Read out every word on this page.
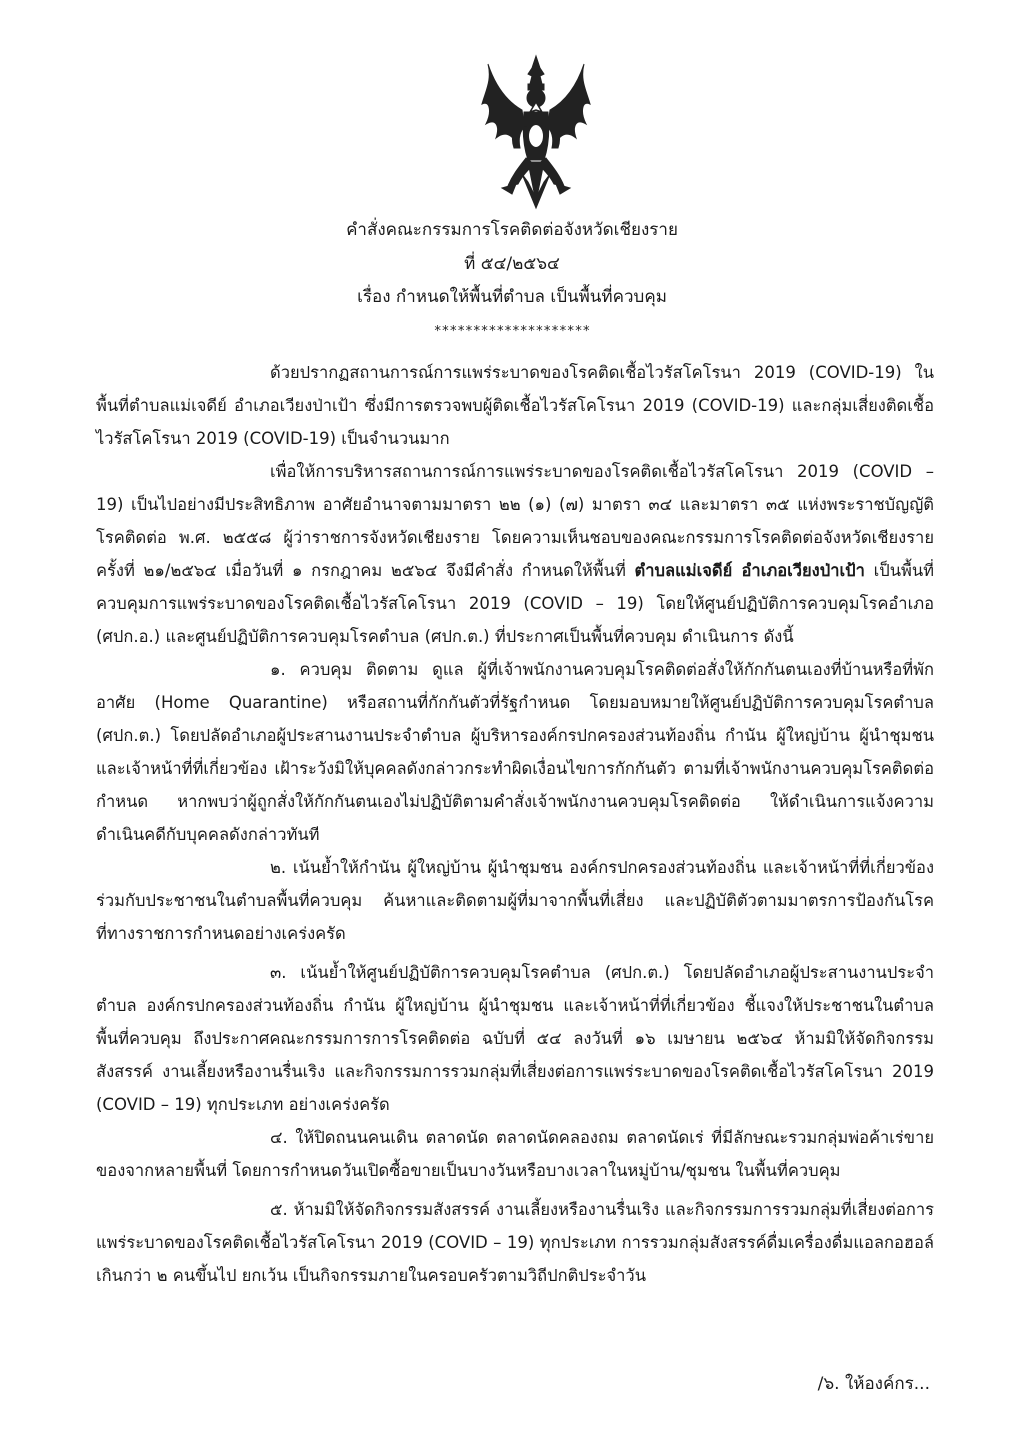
คำสั่งคณะกรรมการโรคติดต่อจังหวัดเชียงราย
ที่ ๕๔/๒๕๖๔
เรื่อง กำหนดให้พื้นที่ตำบล เป็นพื้นที่ควบคุม
********************

ด้วยปรากฏสถานการณ์การแพร่ระบาดของโรคติดเชื้อไวรัสโคโรนา 2019 (COVID-19) ในพื้นที่ตำบลแม่เจดีย์ อำเภอเวียงป่าเป้า ซึ่งมีการตรวจพบผู้ติดเชื้อไวรัสโคโรนา 2019 (COVID-19) และกลุ่มเสี่ยงติดเชื้อไวรัสโคโรนา 2019 (COVID-19) เป็นจำนวนมาก

เพื่อให้การบริหารสถานการณ์การแพร่ระบาดของโรคติดเชื้อไวรัสโคโรนา 2019 (COVID – 19) เป็นไปอย่างมีประสิทธิภาพ อาศัยอำนาจตามมาตรา ๒๒ (๑) (๗) มาตรา ๓๔ และมาตรา ๓๕ แห่งพระราชบัญญัติโรคติดต่อ พ.ศ. ๒๕๕๘ ผู้ว่าราชการจังหวัดเชียงราย โดยความเห็นชอบของคณะกรรมการโรคติดต่อจังหวัดเชียงราย ครั้งที่ ๒๑/๒๕๖๔ เมื่อวันที่ ๑ กรกฎาคม ๒๕๖๔ จึงมีคำสั่ง กำหนดให้พื้นที่ ตำบลแม่เจดีย์ อำเภอเวียงป่าเป้า เป็นพื้นที่ควบคุมการแพร่ระบาดของโรคติดเชื้อไวรัสโคโรนา 2019 (COVID – 19) โดยให้ศูนย์ปฏิบัติการควบคุมโรคอำเภอ (ศปก.อ.) และศูนย์ปฏิบัติการควบคุมโรคตำบล (ศปก.ต.) ที่ประกาศเป็นพื้นที่ควบคุม ดำเนินการ ดังนี้

๑. ควบคุม ติดตาม ดูแล ผู้ที่เจ้าพนักงานควบคุมโรคติดต่อสั่งให้กักกันตนเองที่บ้านหรือที่พักอาศัย (Home Quarantine) หรือสถานที่กักกันตัวที่รัฐกำหนด โดยมอบหมายให้ศูนย์ปฏิบัติการควบคุมโรคตำบล (ศปก.ต.) โดยปลัดอำเภอผู้ประสานงานประจำตำบล ผู้บริหารองค์กรปกครองส่วนท้องถิ่น กำนัน ผู้ใหญ่บ้าน ผู้นำชุมชน และเจ้าหน้าที่ที่เกี่ยวข้อง เฝ้าระวังมิให้บุคคลดังกล่าวกระทำผิดเงื่อนไขการกักกันตัว ตามที่เจ้าพนักงานควบคุมโรคติดต่อกำหนด หากพบว่าผู้ถูกสั่งให้กักกันตนเองไม่ปฏิบัติตามคำสั่งเจ้าพนักงานควบคุมโรคติดต่อ ให้ดำเนินการแจ้งความดำเนินคดีกับบุคคลดังกล่าวทันที

๒. เน้นย้ำให้กำนัน ผู้ใหญ่บ้าน ผู้นำชุมชน องค์กรปกครองส่วนท้องถิ่น และเจ้าหน้าที่ที่เกี่ยวข้อง ร่วมกับประชาชนในตำบลพื้นที่ควบคุม ค้นหาและติดตามผู้ที่มาจากพื้นที่เสี่ยง และปฏิบัติตัวตามมาตรการป้องกันโรคที่ทางราชการกำหนดอย่างเคร่งครัด

๓. เน้นย้ำให้ศูนย์ปฏิบัติการควบคุมโรคตำบล (ศปก.ต.) โดยปลัดอำเภอผู้ประสานงานประจำตำบล องค์กรปกครองส่วนท้องถิ่น กำนัน ผู้ใหญ่บ้าน ผู้นำชุมชน และเจ้าหน้าที่ที่เกี่ยวข้อง ชี้แจงให้ประชาชนในตำบลพื้นที่ควบคุม ถึงประกาศคณะกรรมการการโรคติดต่อ ฉบับที่ ๕๔ ลงวันที่ ๑๖ เมษายน ๒๕๖๔ ห้ามมิให้จัดกิจกรรมสังสรรค์ งานเลี้ยงหรืองานรื่นเริง และกิจกรรมการรวมกลุ่มที่เสี่ยงต่อการแพร่ระบาดของโรคติดเชื้อไวรัสโคโรนา 2019 (COVID – 19) ทุกประเภท อย่างเคร่งครัด

๔. ให้ปิดถนนคนเดิน ตลาดนัด ตลาดนัดคลองถม ตลาดนัดเร่ ที่มีลักษณะรวมกลุ่มพ่อค้าเร่ขายของจากหลายพื้นที่ โดยการกำหนดวันเปิดซื้อขายเป็นบางวันหรือบางเวลาในหมู่บ้าน/ชุมชน ในพื้นที่ควบคุม

๕. ห้ามมิให้จัดกิจกรรมสังสรรค์ งานเลี้ยงหรืองานรื่นเริง และกิจกรรมการรวมกลุ่มที่เสี่ยงต่อการแพร่ระบาดของโรคติดเชื้อไวรัสโคโรนา 2019 (COVID – 19) ทุกประเภท การรวมกลุ่มสังสรรค์ดื่มเครื่องดื่มแอลกอฮอล์ เกินกว่า ๒ คนขึ้นไป ยกเว้น เป็นกิจกรรมภายในครอบครัวตามวิถีปกติประจำวัน

/๖. ให้องค์กร...
